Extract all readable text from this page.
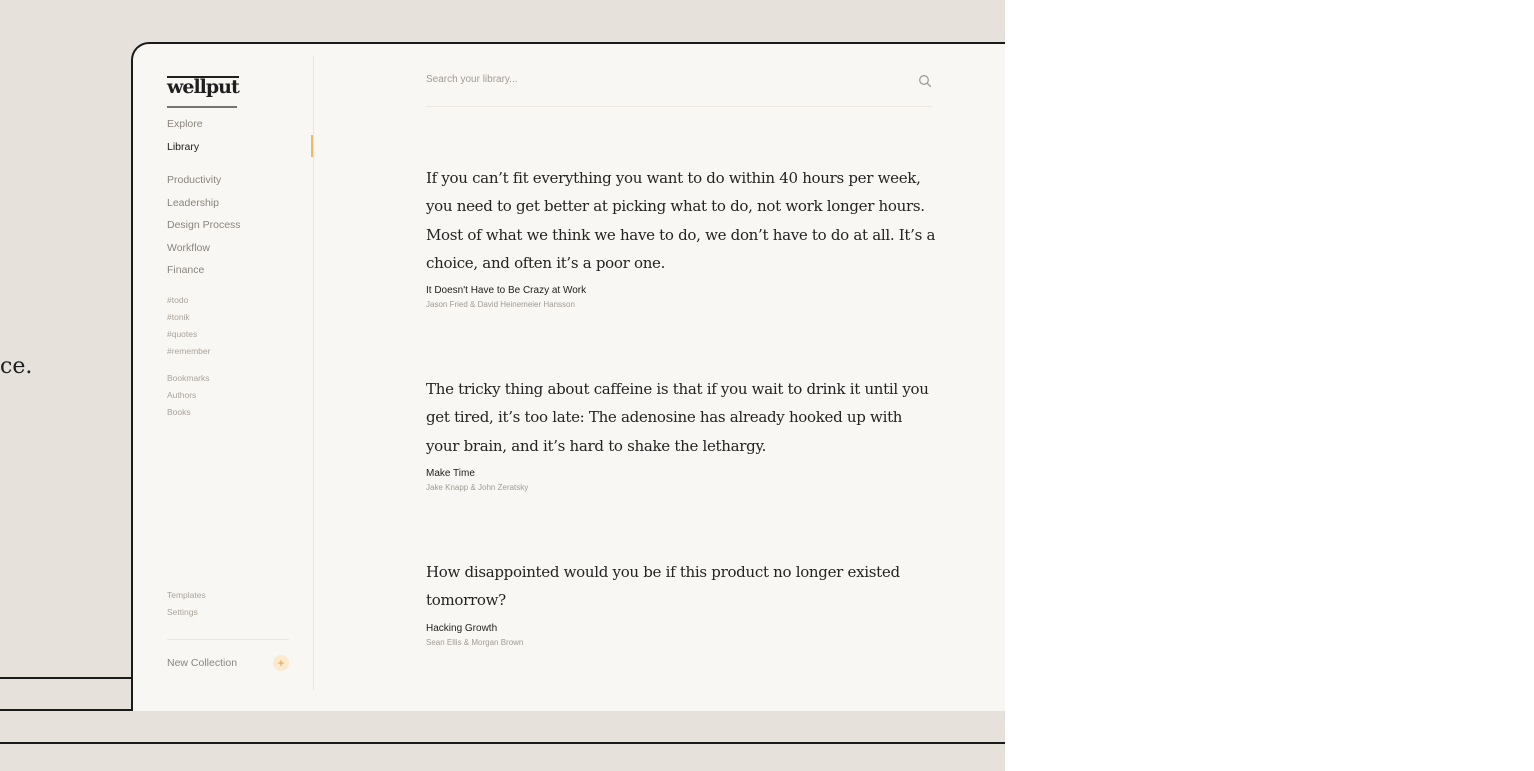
ce.
wellput
Explore
Library
Productivity
Leadership
Design Process
Workflow
Finance
#todo
#tonik
#quotes
#remember
Bookmarks
Authors
Books
Templates
Settings
New Collection	+
Search your library...
If you can’t fit everything you want to do within 40 hours per week, you need to get better at picking what to do, not work longer hours. Most of what we think we have to do, we don’t have to do at all. It’s a choice, and often it’s a poor one.
It Doesn't Have to Be Crazy at Work
Jason Fried & David Heinemeier Hansson
The tricky thing about caffeine is that if you wait to drink it until you get tired, it’s too late: The adenosine has already hooked up with your brain, and it’s hard to shake the lethargy.
Make Time
Jake Knapp & John Zeratsky
How disappointed would you be if this product no longer existed tomorrow?
Hacking Growth
Sean Ellis & Morgan Brown
